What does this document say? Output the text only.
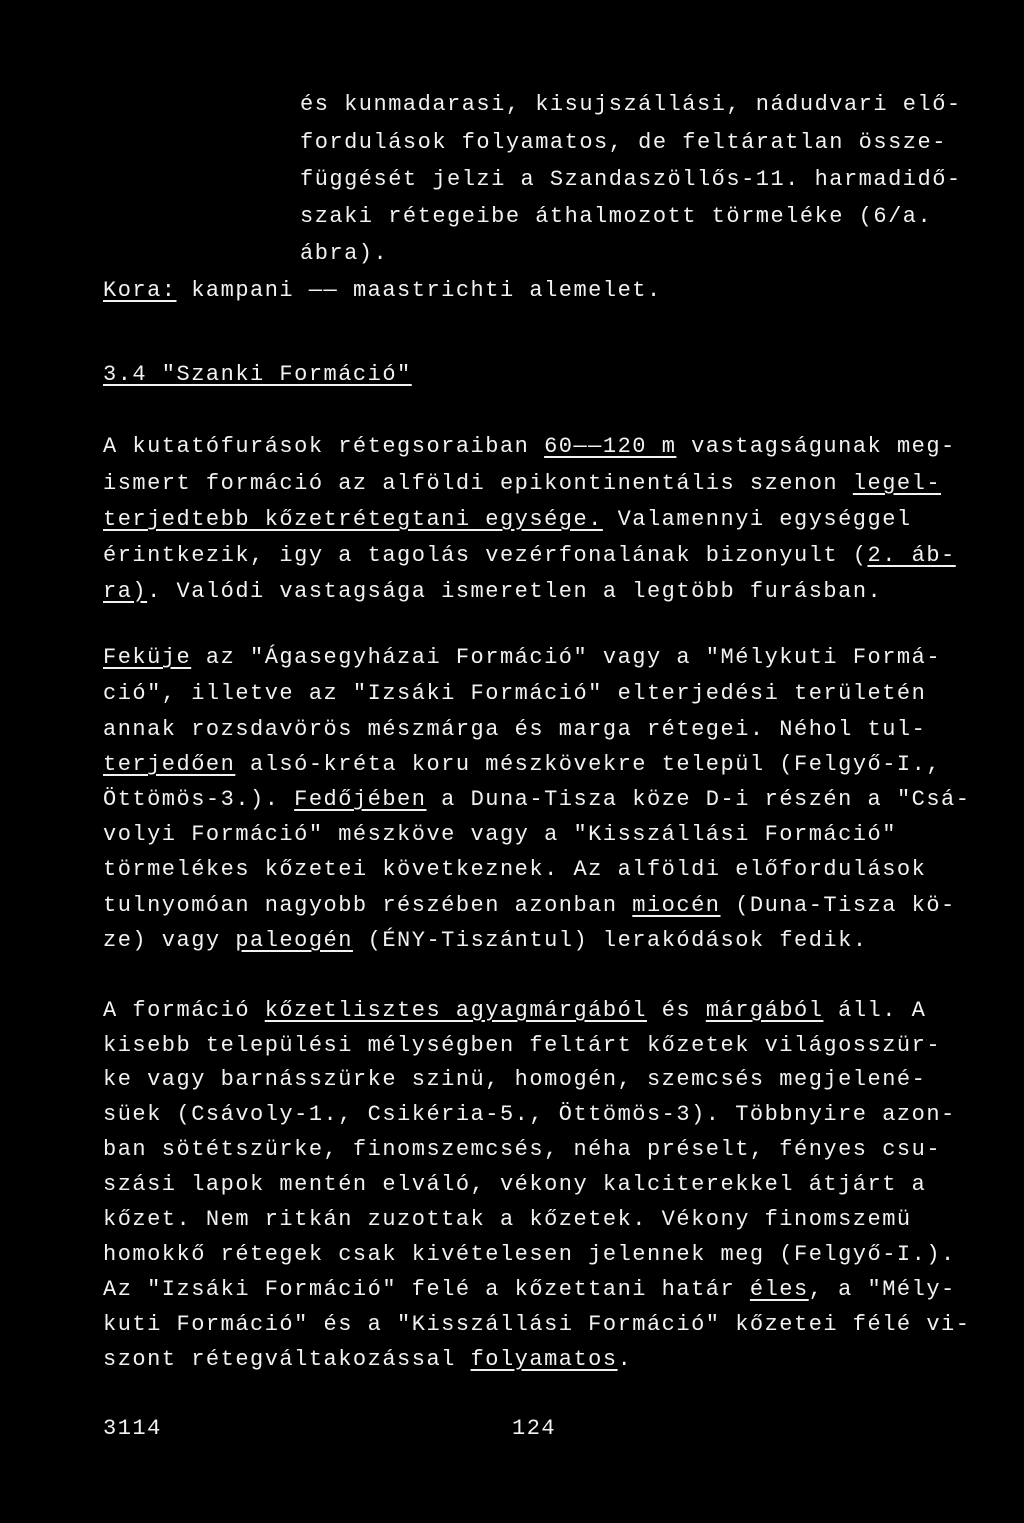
és kunmadarasi, kisujszállási, nádudvari elő-
fordulások folyamatos, de feltáratlan össze-
függését jelzi a Szandaszöllős-11. harmadidő-
szaki rétegeibe áthalmozott törmeléke (6/a.
ábra).
Kora: kampani —— maastrichti alemelet.
3.4 "Szanki Formáció"
A kutatófurások rétegsoraiban 60——120 m vastagságunak meg-
ismert formáció az alföldi epikontinentális szenon legel-
terjedtebb kőzetrétegtani egysége. Valamennyi egységgel
érintkezik, igy a tagolás vezérfonalának bizonyult (2. áb-
ra). Valódi vastagsága ismeretlen a legtöbb furásban.
Feküje az "Ágasegyházai Formáció" vagy a "Mélykuti Formá-
ció", illetve az "Izsáki Formáció" elterjedési területén
annak rozsdavörös mészmárga és marga rétegei. Néhol tul-
terjedően alsó-kréta koru mészkövekre települ (Felgyő-I.,
Öttömös-3.). Fedőjében a Duna-Tisza köze D-i részén a "Csá-
volyi Formáció" mészköve vagy a "Kisszállási Formáció"
törmelékes kőzetei következnek. Az alföldi előfordulások
tulnyomóan nagyobb részében azonban miocén (Duna-Tisza kö-
ze) vagy paleogén (ÉNY-Tiszántul) lerakódások fedik.
A formáció kőzetlisztes agyagmárgából és márgából áll. A
kisebb települési mélységben feltárt kőzetek világosszür-
ke vagy barnásszürke szinü, homogén, szemcsés megjelené-
süek (Csávoly-1., Csikéria-5., Öttömös-3). Többnyire azon-
ban sötétszürke, finomszemcsés, néha préselt, fényes csu-
szási lapok mentén elváló, vékony kalciterekkel átjárt a
kőzet. Nem ritkán zuzottak a kőzetek. Vékony finomszemü
homokkő rétegek csak kivételesen jelennek meg (Felgyő-I.).
Az "Izsáki Formáció" felé a kőzettani határ éles, a "Mély-
kuti Formáció" és a "Kisszállási Formáció" kőzetei félé vi-
szont rétegváltakozással folyamatos.
3114	124
